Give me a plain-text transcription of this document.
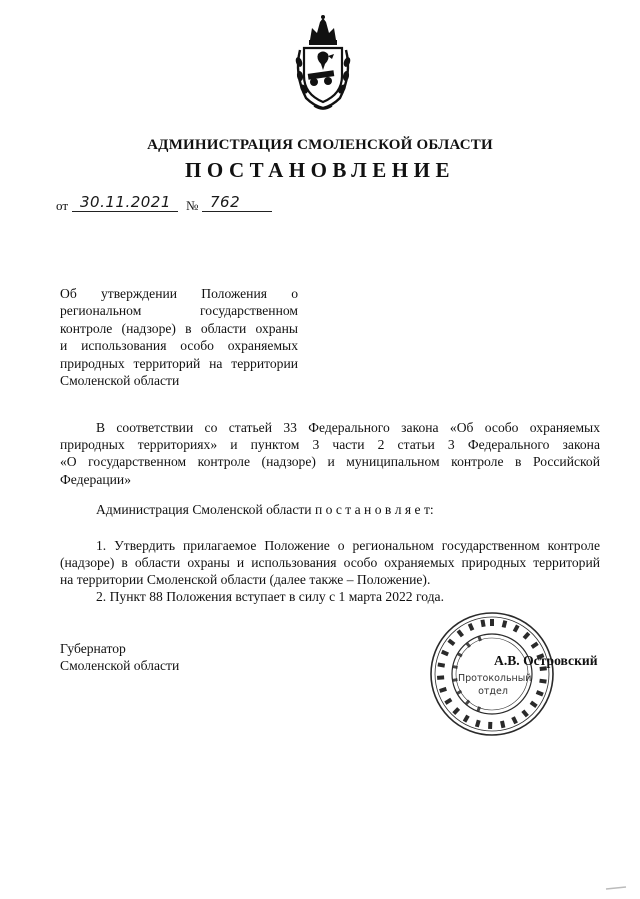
АДМИНИСТРАЦИЯ СМОЛЕНСКОЙ ОБЛАСТИ
ПОСТАНОВЛЕНИЕ
от 30.11.2021 № 762
Об утверждении Положения о
региональном государственном
контроле (надзоре) в области охраны
и использования особо охраняемых
природных территорий на территории
Смоленской области
В соответствии со статьей 33 Федерального закона «Об особо охраняемых
природных территориях» и пунктом 3 части 2 статьи 3 Федерального закона
«О государственном контроле (надзоре) и муниципальном контроле в Российской
Федерации»
Администрация Смоленской области п о с т а н о в л я е т:
1. Утвердить прилагаемое Положение о региональном государственном контроле
(надзоре) в области охраны и использования особо охраняемых природных территорий
на территории Смоленской области (далее также – Положение).
2. Пункт 88 Положения вступает в силу с 1 марта 2022 года.
Губернатор
Смоленской области
Протокольный
отдел
А.В. Островский
